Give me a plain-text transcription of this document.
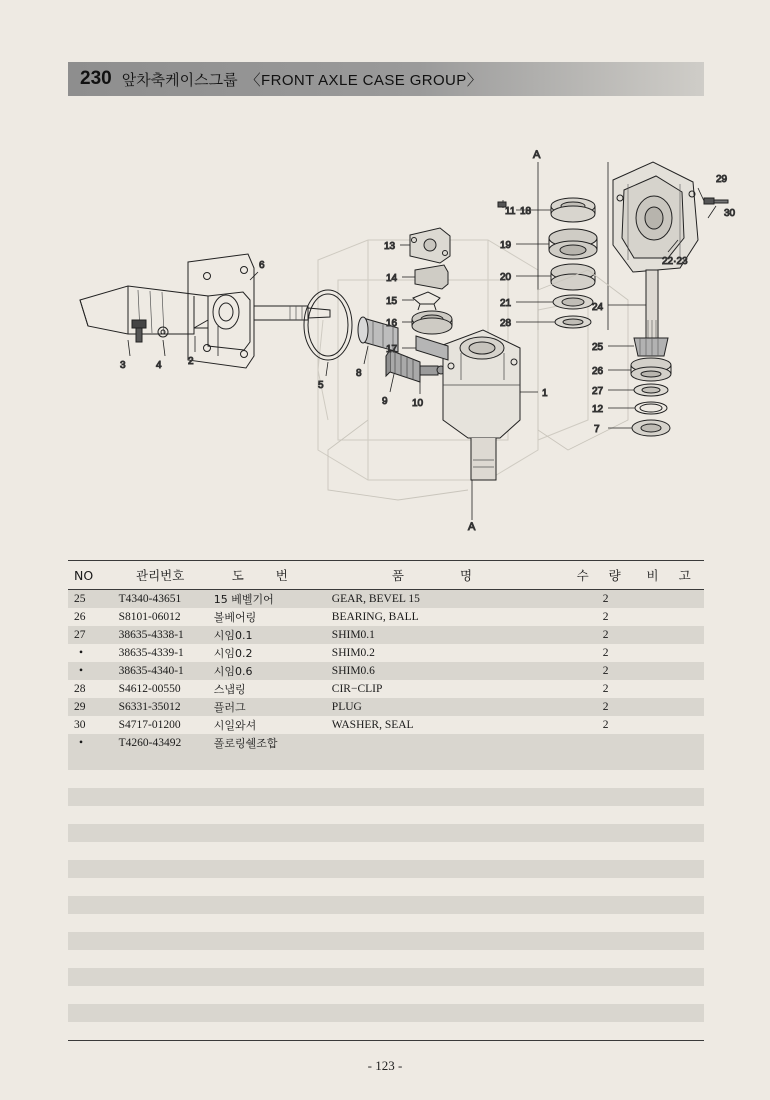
230 앞차축케이스그룹 〈FRONT AXLE CASE GROUP〉
3	4	2
6
5
8
9 10
13
14
15
16
17
11 18
19
20
21
28
1
22·23
29
30
24
25
26
27
12
7
A
A
NO	관리번호	도 번	품 명	수 량	비 고
25	T4340-43651	15 베벨기어	GEAR, BEVEL 15	2	
26	S8101-06012	볼베어링	BEARING, BALL	2	
27	38635-4338-1	시임0.1	SHIM0.1	2	
•	38635-4339-1	시임0.2	SHIM0.2	2	
•	38635-4340-1	시임0.6	SHIM0.6	2	
28	S4612-00550	스냅링	CIR−CLIP	2	
29	S6331-35012	플러그	PLUG	2	
30	S4717-01200	시일와셔	WASHER, SEAL	2	
•	T4260-43492	폴로링쉘조합			

- 123 -
